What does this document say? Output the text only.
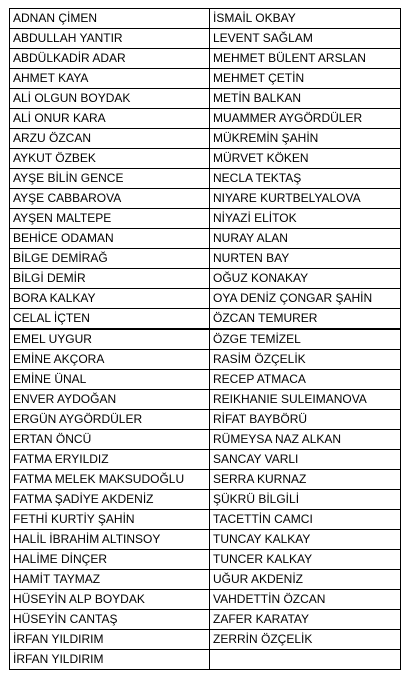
ADNAN ÇİMEN	İSMAİL OKBAY
ABDULLAH YANTIR	LEVENT SAĞLAM
ABDÜLKADİR ADAR	MEHMET BÜLENT ARSLAN
AHMET KAYA	MEHMET ÇETİN
ALİ OLGUN BOYDAK	METİN BALKAN
ALİ ONUR KARA	MUAMMER AYGÖRDÜLER
ARZU ÖZCAN	MÜKREMİN ŞAHİN
AYKUT ÖZBEK	MÜRVET KÖKEN
AYŞE BİLİN GENCE	NECLA TEKTAŞ
AYŞE CABBAROVA	NIYARE KURTBELYALOVA
AYŞEN MALTEPE	NİYAZİ ELİTOK
BEHİCE ODAMAN	NURAY ALAN
BİLGE DEMİRAĞ	NURTEN BAY
BİLGİ DEMİR	OĞUZ KONAKAY
BORA KALKAY	OYA DENİZ ÇONGAR ŞAHİN
CELAL İÇTEN	ÖZCAN TEMURER
EMEL UYGUR	ÖZGE TEMİZEL
EMİNE AKÇORA	RASİM ÖZÇELİK
EMİNE ÜNAL	RECEP ATMACA
ENVER AYDOĞAN	REIKHANIE SULEIMANOVA
ERGÜN AYGÖRDÜLER	RİFAT BAYBÖRÜ
ERTAN ÖNCÜ	RÜMEYSA NAZ ALKAN
FATMA ERYILDIZ	SANCAY VARLI
FATMA MELEK MAKSUDOĞLU	SERRA KURNAZ
FATMA ŞADİYE AKDENİZ	ŞÜKRÜ BİLGİLİ
FETHİ KURTİY ŞAHİN	TACETTİN CAMCI
HALİL İBRAHİM ALTINSOY	TUNCAY KALKAY
HALİME DİNÇER	TUNCER KALKAY
HAMİT TAYMAZ	UĞUR AKDENİZ
HÜSEYİN ALP BOYDAK	VAHDETTİN ÖZCAN
HÜSEYİN CANTAŞ	ZAFER KARATAY
İRFAN YILDIRIM	ZERRİN ÖZÇELİK
İRFAN YILDIRIM	
